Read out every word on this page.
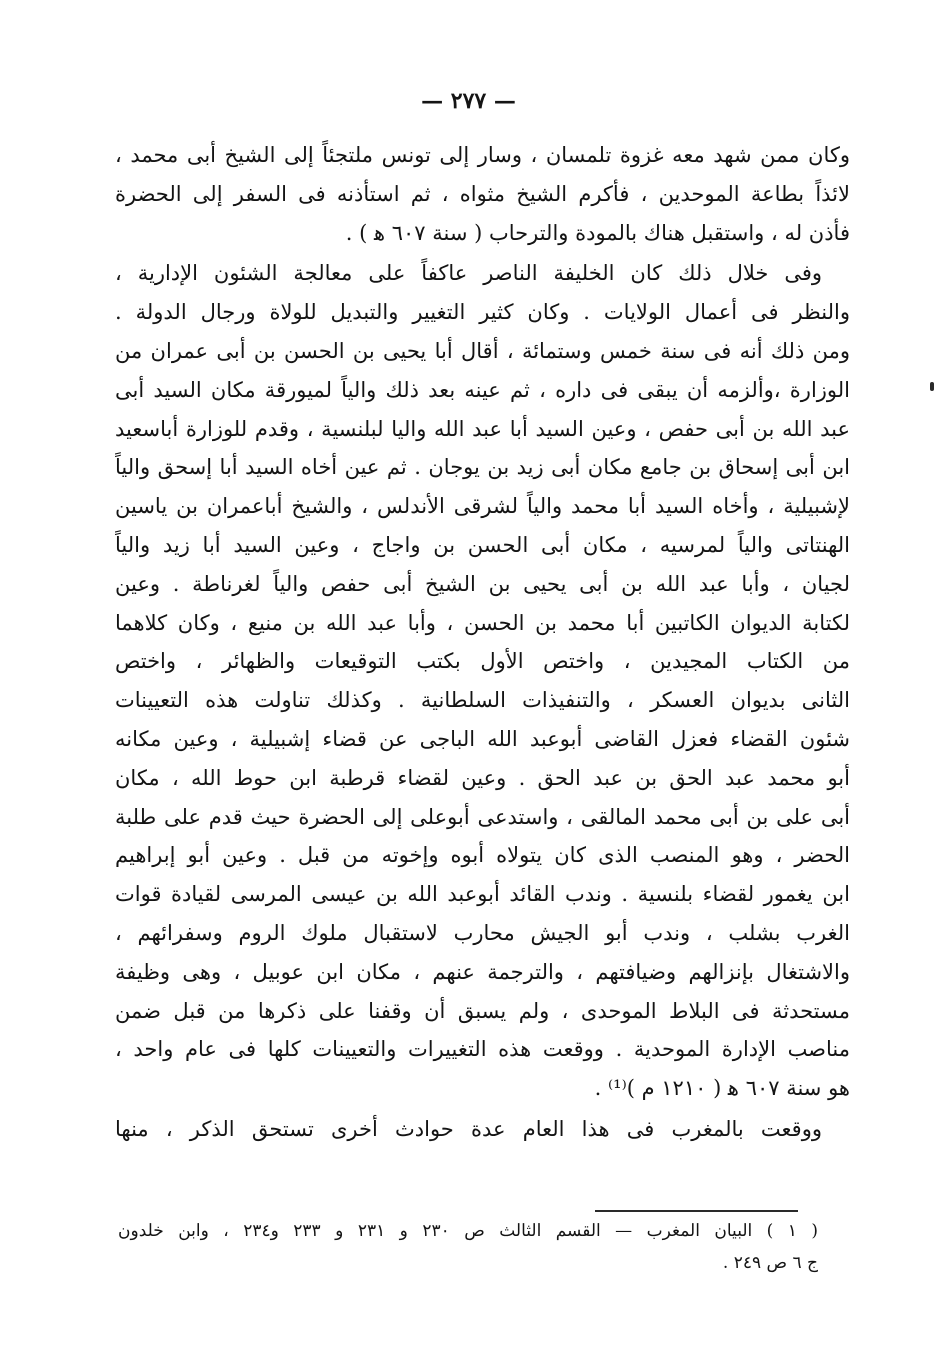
— ٢٧٧ —
وكان ممن شهد معه غزوة تلمسان ، وسار إلى تونس ملتجئاً إلى الشيخ أبى محمد ،
لائذاً بطاعة الموحدين ، فأكرم الشيخ مثواه ، ثم استأذنه فى السفر إلى الحضرة
فأذن له ، واستقبل هناك بالمودة والترحاب ( سنة ٦٠٧ ﻫ ) .
وفى خلال ذلك كان الخليفة الناصر عاكفاً على معالجة الشئون الإدارية ،
والنظر فى أعمال الولايات . وكان كثير التغيير والتبديل للولاة ورجال الدولة .
ومن ذلك أنه فى سنة خمس وستمائة ، أقال أبا يحيى بن الحسن بن أبى عمران من
الوزارة ،وألزمه أن يبقى فى داره ، ثم عينه بعد ذلك والياً لميورقة مكان السيد أبى
عبد الله بن أبى حفص ، وعين السيد أبا عبد الله واليا لبلنسية ، وقدم للوزارة أباسعيد
ابن أبى إسحاق بن جامع مكان أبى زيد بن يوجان . ثم عين أخاه السيد أبا إسحق والياً
لإشبيلية ، وأخاه السيد أبا محمد والياً لشرقى الأندلس ، والشيخ أباعمران بن ياسين
الهنتاتى والياً لمرسيه ، مكان أبى الحسن بن واجاج ، وعين السيد أبا زيد والياً
لجيان ، وأبا عبد الله بن أبى يحيى بن الشيخ أبى حفص والياً لغرناطة . وعين
لكتابة الديوان الكاتبين أبا محمد بن الحسن ، وأبا عبد الله بن منيع ، وكان كلاهما
من الكتاب المجيدين ، واختص الأول بكتب التوقيعات والظهائر ، واختص
الثانى بديوان العسكر ، والتنفيذات السلطانية . وكذلك تناولت هذه التعيينات
شئون القضاء فعزل القاضى أبوعبد الله الباجى عن قضاء إشبيلية ، وعين مكانه
أبو محمد عبد الحق بن عبد الحق . وعين لقضاء قرطبة ابن حوط الله ، مكان
أبى على بن أبى محمد المالقى ، واستدعى أبوعلى إلى الحضرة حيث قدم على طلبة
الحضر ، وهو المنصب الذى كان يتولاه أبوه وإخوته من قبل . وعين أبو إبراهيم
ابن يغمور لقضاء بلنسية . وندب القائد أبوعبد الله بن عيسى المرسى لقيادة قوات
الغرب بشلب ، وندب أبو الجيش محارب لاستقبال ملوك الروم وسفرائهم ،
والاشتغال بإنزالهم وضيافتهم ، والترجمة عنهم ، مكان ابن عوبيل ، وهى وظيفة
مستحدثة فى البلاط الموحدى ، ولم يسبق أن وقفنا على ذكرها من قبل ضمن
مناصب الإدارة الموحدية . ووقعت هذه التغييرات والتعيينات كلها فى عام واحد ،
هو سنة ٦٠٧ ﻫ ( ١٢١٠ م )⁽¹⁾ .
ووقعت بالمغرب فى هذا العام عدة حوادث أخرى تستحق الذكر ، منها
( ١ ) البيان المغرب — القسم الثالث ص ٢٣٠ و ٢٣١ و ٢٣٣ و٢٣٤ ، وابن خلدون
ج ٦ ص ٢٤٩ .
